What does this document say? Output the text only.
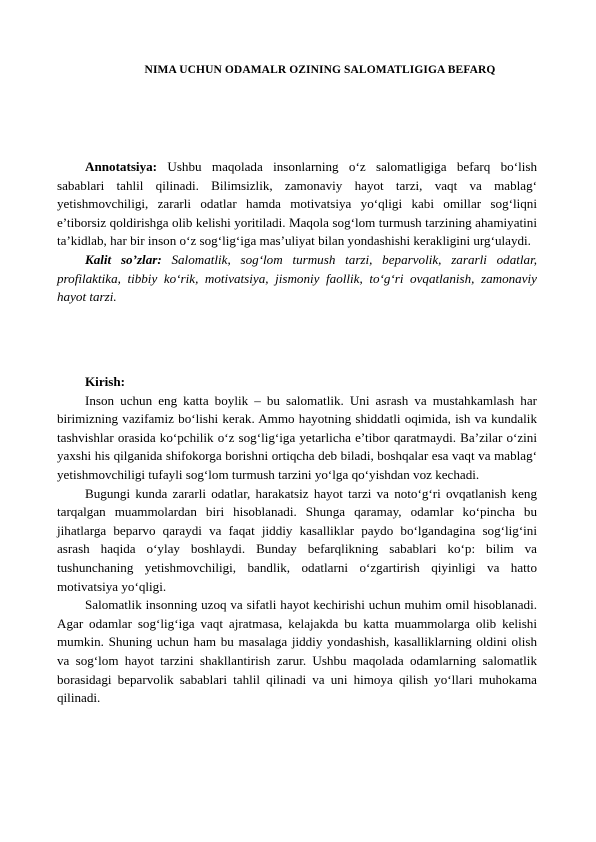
NIMA UCHUN ODAMALR OZINING SALOMATLIGIGA BEFARQ

Annotatsiya: Ushbu maqolada insonlarning o‘z salomatligiga befarq bo‘lish sabablari tahlil qilinadi. Bilimsizlik, zamonaviy hayot tarzi, vaqt va mablag‘ yetishmovchiligi, zararli odatlar hamda motivatsiya yo‘qligi kabi omillar sog‘liqni e’tiborsiz qoldirishga olib kelishi yoritiladi. Maqola sog‘lom turmush tarzining ahamiyatini ta’kidlab, har bir inson o‘z sog‘lig‘iga mas’uliyat bilan yondashishi kerakligini urg‘ulaydi.

Kalit so’zlar: Salomatlik, sog‘lom turmush tarzi, beparvolik, zararli odatlar, profilaktika, tibbiy ko‘rik, motivatsiya, jismoniy faollik, to‘g‘ri ovqatlanish, zamonaviy hayot tarzi.

Kirish:

Inson uchun eng katta boylik – bu salomatlik. Uni asrash va mustahkamlash har birimizning vazifamiz bo‘lishi kerak. Ammo hayotning shiddatli oqimida, ish va kundalik tashvishlar orasida ko‘pchilik o‘z sog‘lig‘iga yetarlicha e’tibor qaratmaydi. Ba’zilar o‘zini yaxshi his qilganida shifokorga borishni ortiqcha deb biladi, boshqalar esa vaqt va mablag‘ yetishmovchiligi tufayli sog‘lom turmush tarzini yo‘lga qo‘yishdan voz kechadi.

Bugungi kunda zararli odatlar, harakatsiz hayot tarzi va noto‘g‘ri ovqatlanish keng tarqalgan muammolardan biri hisoblanadi. Shunga qaramay, odamlar ko‘pincha bu jihatlarga beparvo qaraydi va faqat jiddiy kasalliklar paydo bo‘lgandagina sog‘lig‘ini asrash haqida o‘ylay boshlaydi. Bunday befarqlikning sabablari ko‘p: bilim va tushunchaning yetishmovchiligi, bandlik, odatlarni o‘zgartirish qiyinligi va hatto motivatsiya yo‘qligi.

Salomatlik insonning uzoq va sifatli hayot kechirishi uchun muhim omil hisoblanadi. Agar odamlar sog‘lig‘iga vaqt ajratmasa, kelajakda bu katta muammolarga olib kelishi mumkin. Shuning uchun ham bu masalaga jiddiy yondashish, kasalliklarning oldini olish va sog‘lom hayot tarzini shakllantirish zarur. Ushbu maqolada odamlarning salomatlik borasidagi beparvolik sabablari tahlil qilinadi va uni himoya qilish yo‘llari muhokama qilinadi.
